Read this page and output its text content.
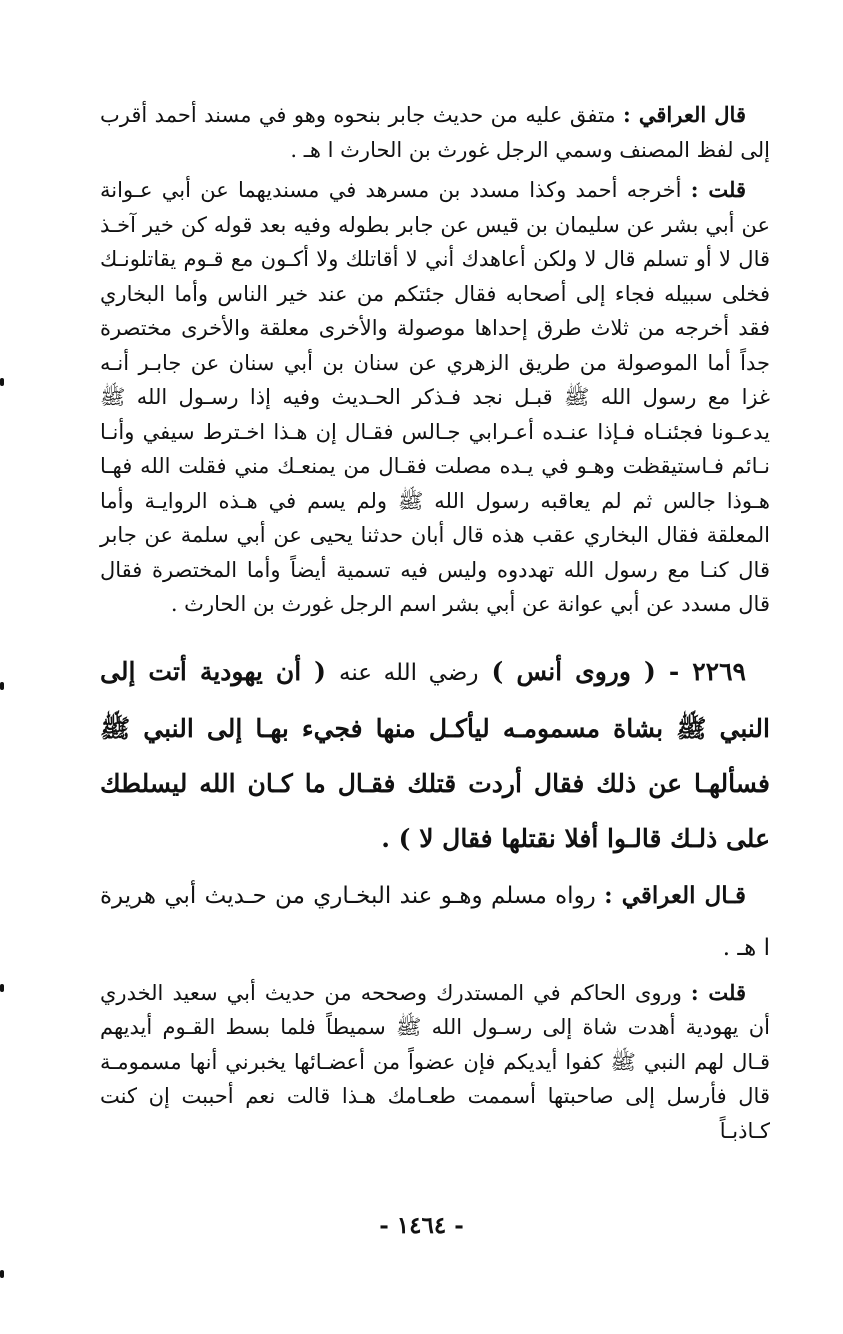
قال العراقي : متفق عليه من حديث جابر بنحوه وهو في مسند أحمد أقرب إلى لفظ المصنف وسمي الرجل غورث بن الحارث ا هـ .

قلت : أخرجه أحمد وكذا مسدد بن مسرهد في مسنديهما عن أبي عـوانة عن أبي بشر عن سليمان بن قيس عن جابر بطوله وفيه بعد قوله كن خير آخـذ قال لا أو تسلم قال لا ولكن أعاهدك أني لا أقاتلك ولا أكـون مع قـوم يقاتلونـك فخلى سبيله فجاء إلى أصحابه فقال جئتكم من عند خير الناس وأما البخاري فقد أخرجه من ثلاث طرق إحداها موصولة والأخرى معلقة والأخرى مختصرة جداً أما الموصولة من طريق الزهري عن سنان بن أبي سنان عن جابـر أنـه غزا مع رسول الله ﷺ قبـل نجد فـذكر الحـديث وفيه إذا رسـول الله ﷺ يدعـونا فجئنـاه فـإذا عنـده أعـرابي جـالس فقـال إن هـذا اخـترط سيفي وأنـا نـائم فـاستيقظت وهـو في يـده مصلت فقـال من يمنعـك مني فقلت الله فهـا هـوذا جالس ثم لم يعاقبه رسول الله ﷺ ولم يسم في هـذه الروايـة وأما المعلقة فقال البخاري عقب هذه قال أبان حدثنا يحيى عن أبي سلمة عن جابر قال كنـا مع رسول الله تهددوه وليس فيه تسمية أيضاً وأما المختصرة فقال قال مسدد عن أبي عوانة عن أبي بشر اسم الرجل غورث بن الحارث .

٢٢٦٩ - ( وروى أنس ) رضي الله عنه ( أن يهودية أتت إلى النبي ﷺ بشاة مسمومـه ليأكـل منها فجيء بهـا إلى النبي ﷺ فسألهـا عن ذلك فقال أردت قتلك فقـال ما كـان الله ليسلطك على ذلـك قالـوا أفلا نقتلها فقال لا ) .

قـال العراقي : رواه مسلم وهـو عند البخـاري من حـديث أبي هريرة ا هـ .

قلت : وروى الحاكم في المستدرك وصححه من حديث أبي سعيد الخدري أن يهودية أهدت شاة إلى رسـول الله ﷺ سميطاً فلما بسط القـوم أيديهم قـال لهم النبي ﷺ كفوا أيديكم فإن عضواً من أعضـائها يخبرني أنها مسمومـة قال فأرسل إلى صاحبتها أسممت طعـامك هـذا قالت نعم أحببت إن كنت كـاذبـاً

- ١٤٦٤ -
